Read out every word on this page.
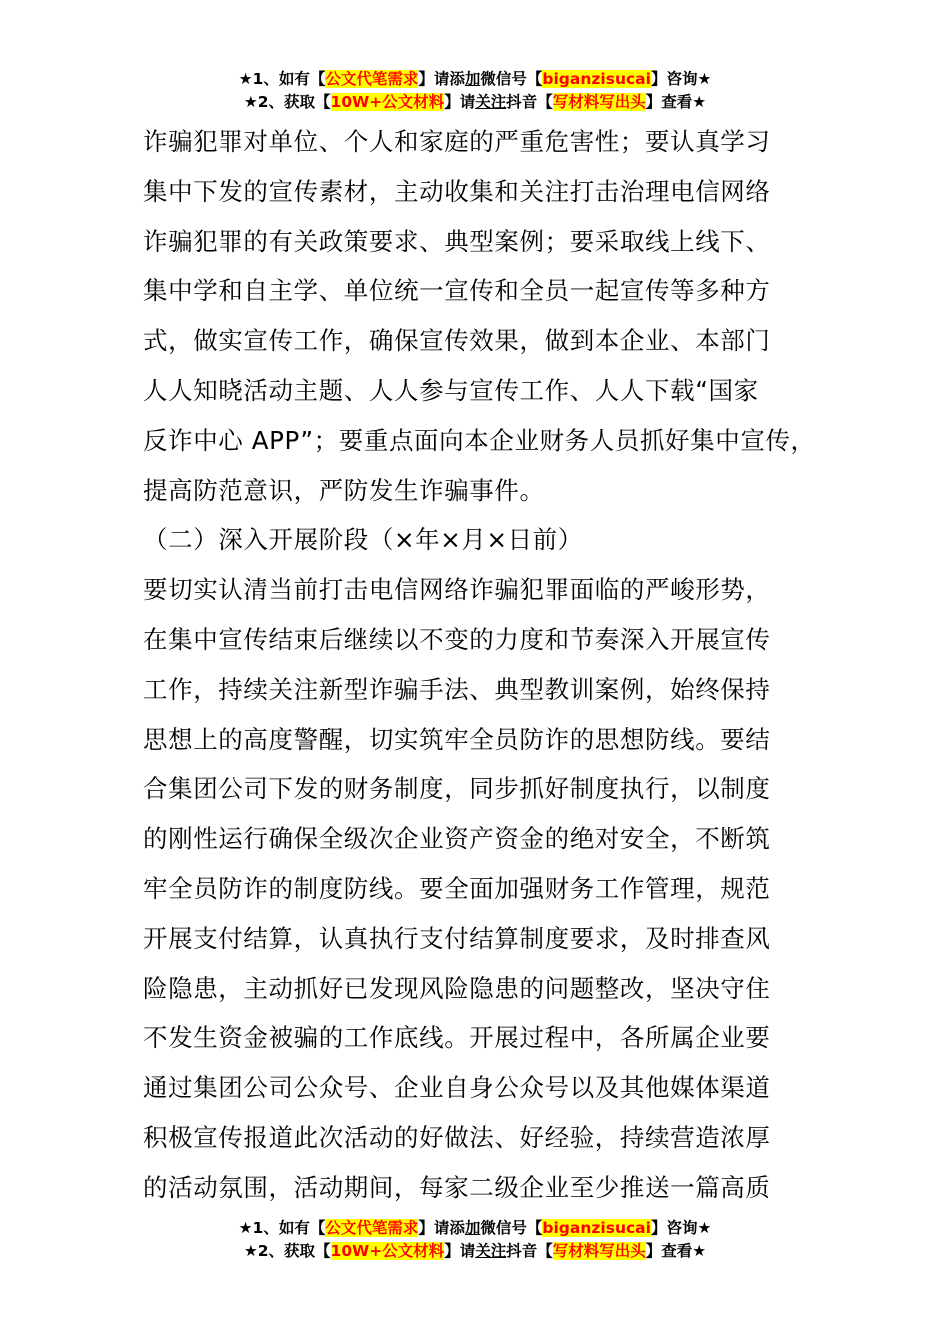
★1、如有【公文代笔需求】请添加微信号【biganzisucai】咨询★
★2、获取【10W+公文材料】请关注抖音【写材料写出头】查看★
诈骗犯罪对单位、个人和家庭的严重危害性；要认真学习
集中下发的宣传素材，主动收集和关注打击治理电信网络
诈骗犯罪的有关政策要求、典型案例；要采取线上线下、
集中学和自主学、单位统一宣传和全员一起宣传等多种方
式，做实宣传工作，确保宣传效果，做到本企业、本部门
人人知晓活动主题、人人参与宣传工作、人人下载“国家
反诈中心 APP”；要重点面向本企业财务人员抓好集中宣传，
提高防范意识，严防发生诈骗事件。
（二）深入开展阶段（×年×月×日前）
要切实认清当前打击电信网络诈骗犯罪面临的严峻形势，
在集中宣传结束后继续以不变的力度和节奏深入开展宣传
工作，持续关注新型诈骗手法、典型教训案例，始终保持
思想上的高度警醒，切实筑牢全员防诈的思想防线。要结
合集团公司下发的财务制度，同步抓好制度执行，以制度
的刚性运行确保全级次企业资产资金的绝对安全，不断筑
牢全员防诈的制度防线。要全面加强财务工作管理，规范
开展支付结算，认真执行支付结算制度要求，及时排查风
险隐患，主动抓好已发现风险隐患的问题整改，坚决守住
不发生资金被骗的工作底线。开展过程中，各所属企业要
通过集团公司公众号、企业自身公众号以及其他媒体渠道
积极宣传报道此次活动的好做法、好经验，持续营造浓厚
的活动氛围，活动期间，每家二级企业至少推送一篇高质
★1、如有【公文代笔需求】请添加微信号【biganzisucai】咨询★
★2、获取【10W+公文材料】请关注抖音【写材料写出头】查看★
